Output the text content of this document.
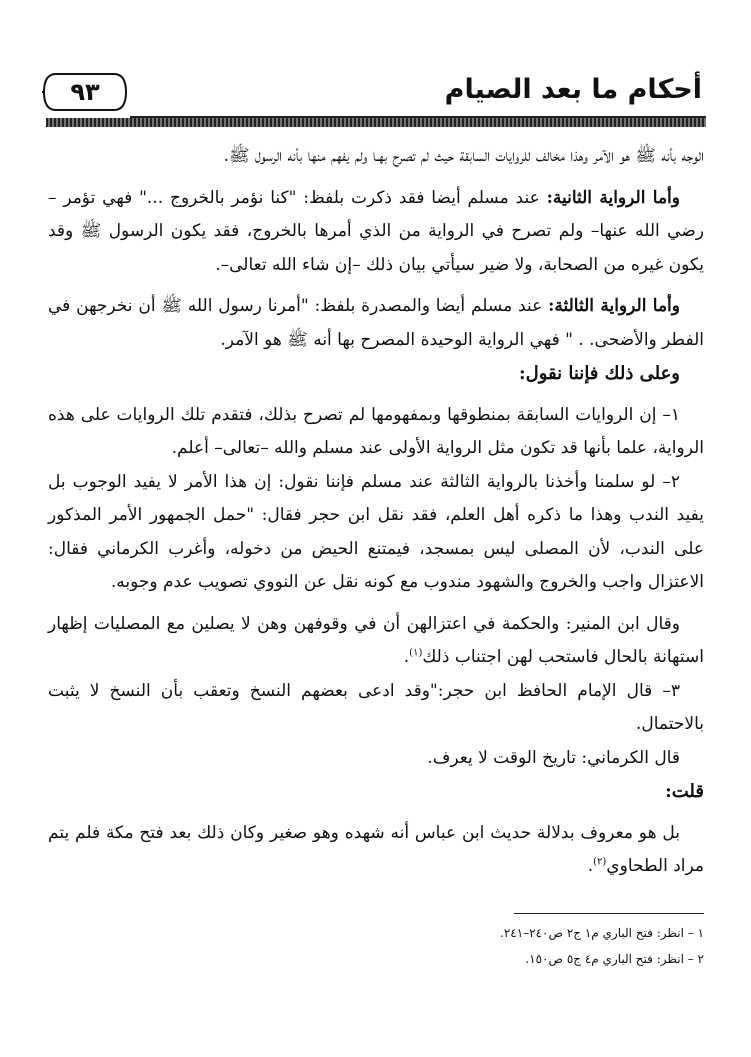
٩٣	أحكام ما بعد الصيام

الوجه بأنه ﷺ هو الآمر وهذا مخالف للروايات السابقة حيث لم تصرح بهـا ولم يفهم منها بأنه الرسول ﷺ.

وأما الرواية الثانية: عند مسلم أيضا فقد ذكرت بلفظ: "كنا نؤمر بالخروج ..." فهي تؤمر – رضي الله عنها– ولم تصرح في الرواية من الذي أمرها بالخروج، فقد يكون الرسول ﷺ وقد يكون غيره من الصحابة، ولا ضير سيأتي بيان ذلك –إن شاء الله تعالى–.

وأما الرواية الثالثة: عند مسلم أيضا والمصدرة بلفظ: "أمرنا رسول الله ﷺ أن نخرجهن في الفطر والأضحى. . " فهي الرواية الوحيدة المصرح بها أنه ﷺ هو الآمر.

وعلى ذلك فإننا نقول:

١– إن الروايات السابقة بمنطوقها وبمفهومها لم تصرح بذلك، فتقدم تلك الروايات على هذه الرواية، علما بأنها قد تكون مثل الرواية الأولى عند مسلم والله –تعالى– أعلم.

٢– لو سلمنا وأخذنا بالرواية الثالثة عند مسلم فإننا نقول: إن هذا الأمر لا يفيد الوجوب بل يفيد الندب وهذا ما ذكره أهل العلم، فقد نقل ابن حجر فقال: "حمل الجمهور الأمر المذكور على الندب، لأن المصلى ليس بمسجد، فيمتنع الحيض من دخوله، وأغرب الكرماني فقال: الاعتزال واجب والخروج والشهود مندوب مع كونه نقل عن النووي تصويب عدم وجوبه.

وقال ابن المنير: والحكمة في اعتزالهن أن في وقوفهن وهن لا يصلين مع المصليات إظهار استهانة بالحال فاستحب لهن اجتناب ذلك$^{(١)}$.

٣– قال الإمام الحافظ ابن حجر:"وقد ادعى بعضهم النسخ وتعقب بأن النسخ لا يثبت بالاحتمال.

قال الكرماني: تاريخ الوقت لا يعرف.

قلت:

بل هو معروف بدلالة حديث ابن عباس أنه شهده وهو صغير وكان ذلك بعد فتح مكة فلم يتم مراد الطحاوي$^{(٢)}$.

١ – انظر: فتح الباري م١ ج٢ ص٢٤٠–٢٤١.

٢ – انظر: فتح الباري م٤ ج٥ ص١٥٠.
